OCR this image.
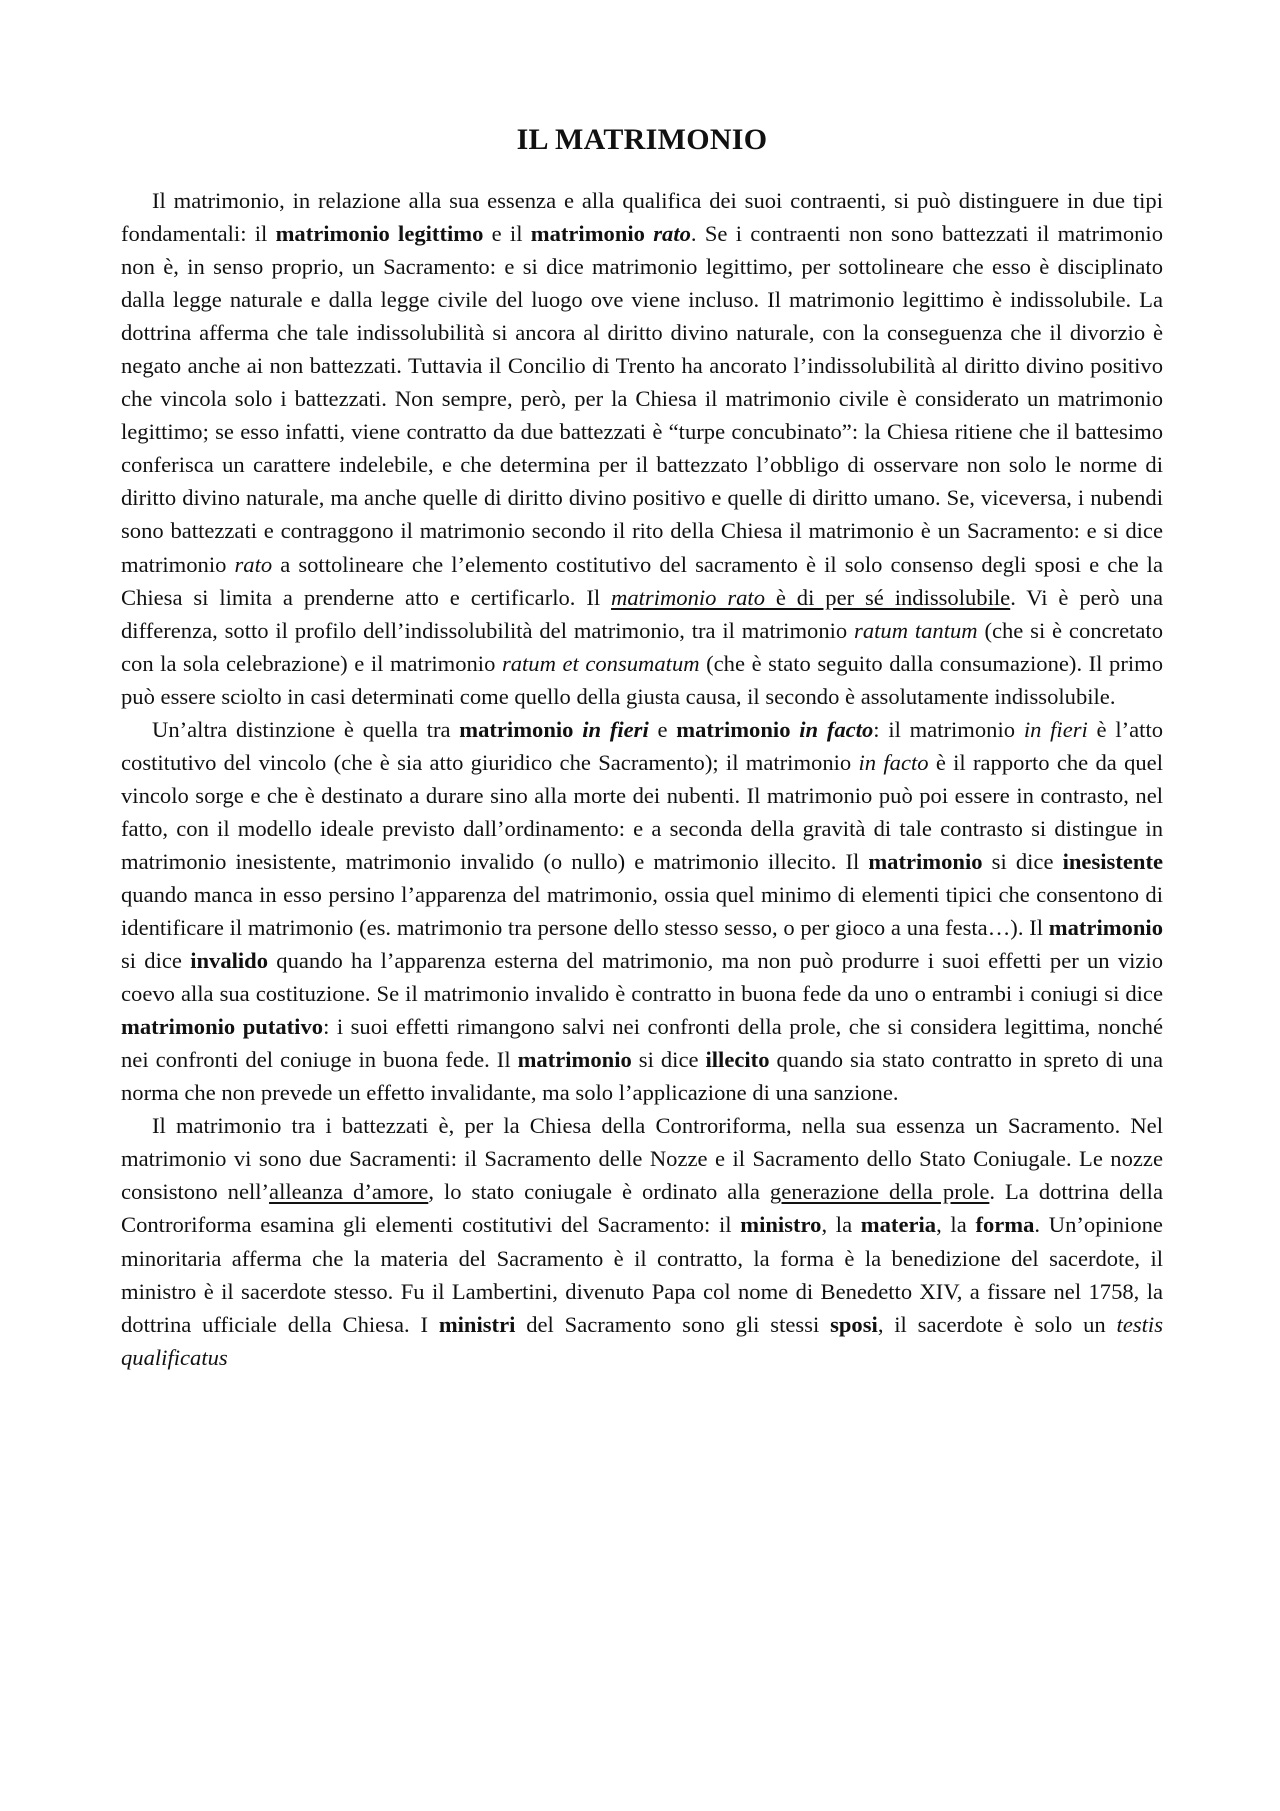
IL MATRIMONIO

Il matrimonio, in relazione alla sua essenza e alla qualifica dei suoi contraenti, si può distinguere in due tipi fondamentali: il matrimonio legittimo e il matrimonio rato. Se i contraenti non sono battezzati il matrimonio non è, in senso proprio, un Sacramento: e si dice matrimonio legittimo, per sottolineare che esso è disciplinato dalla legge naturale e dalla legge civile del luogo ove viene incluso. Il matrimonio legittimo è indissolubile. La dottrina afferma che tale indissolubilità si ancora al diritto divino naturale, con la conseguenza che il divorzio è negato anche ai non battezzati. Tuttavia il Concilio di Trento ha ancorato l’indissolubilità al diritto divino positivo che vincola solo i battezzati. Non sempre, però, per la Chiesa il matrimonio civile è considerato un matrimonio legittimo; se esso infatti, viene contratto da due battezzati è “turpe concubinato”: la Chiesa ritiene che il battesimo conferisca un carattere indelebile, e che determina per il battezzato l’obbligo di osservare non solo le norme di diritto divino naturale, ma anche quelle di diritto divino positivo e quelle di diritto umano. Se, viceversa, i nubendi sono battezzati e contraggono il matrimonio secondo il rito della Chiesa il matrimonio è un Sacramento: e si dice matrimonio rato a sottolineare che l’elemento costitutivo del sacramento è il solo consenso degli sposi e che la Chiesa si limita a prenderne atto e certificarlo. Il matrimonio rato è di per sé indissolubile. Vi è però una differenza, sotto il profilo dell’indissolubilità del matrimonio, tra il matrimonio ratum tantum (che si è concretato con la sola celebrazione) e il matrimonio ratum et consumatum (che è stato seguito dalla consumazione). Il primo può essere sciolto in casi determinati come quello della giusta causa, il secondo è assolutamente indissolubile.

Un’altra distinzione è quella tra matrimonio in fieri e matrimonio in facto: il matrimonio in fieri è l’atto costitutivo del vincolo (che è sia atto giuridico che Sacramento); il matrimonio in facto è il rapporto che da quel vincolo sorge e che è destinato a durare sino alla morte dei nubenti. Il matrimonio può poi essere in contrasto, nel fatto, con il modello ideale previsto dall’ordinamento: e a seconda della gravità di tale contrasto si distingue in matrimonio inesistente, matrimonio invalido (o nullo) e matrimonio illecito. Il matrimonio si dice inesistente quando manca in esso persino l’apparenza del matrimonio, ossia quel minimo di elementi tipici che consentono di identificare il matrimonio (es. matrimonio tra persone dello stesso sesso, o per gioco a una festa…). Il matrimonio si dice invalido quando ha l’apparenza esterna del matrimonio, ma non può produrre i suoi effetti per un vizio coevo alla sua costituzione. Se il matrimonio invalido è contratto in buona fede da uno o entrambi i coniugi si dice matrimonio putativo: i suoi effetti rimangono salvi nei confronti della prole, che si considera legittima, nonché nei confronti del coniuge in buona fede. Il matrimonio si dice illecito quando sia stato contratto in spreto di una norma che non prevede un effetto invalidante, ma solo l’applicazione di una sanzione.

Il matrimonio tra i battezzati è, per la Chiesa della Controriforma, nella sua essenza un Sacramento. Nel matrimonio vi sono due Sacramenti: il Sacramento delle Nozze e il Sacramento dello Stato Coniugale. Le nozze consistono nell’alleanza d’amore, lo stato coniugale è ordinato alla generazione della prole. La dottrina della Controriforma esamina gli elementi costitutivi del Sacramento: il ministro, la materia, la forma. Un’opinione minoritaria afferma che la materia del Sacramento è il contratto, la forma è la benedizione del sacerdote, il ministro è il sacerdote stesso. Fu il Lambertini, divenuto Papa col nome di Benedetto XIV, a fissare nel 1758, la dottrina ufficiale della Chiesa. I ministri del Sacramento sono gli stessi sposi, il sacerdote è solo un testis qualificatus
